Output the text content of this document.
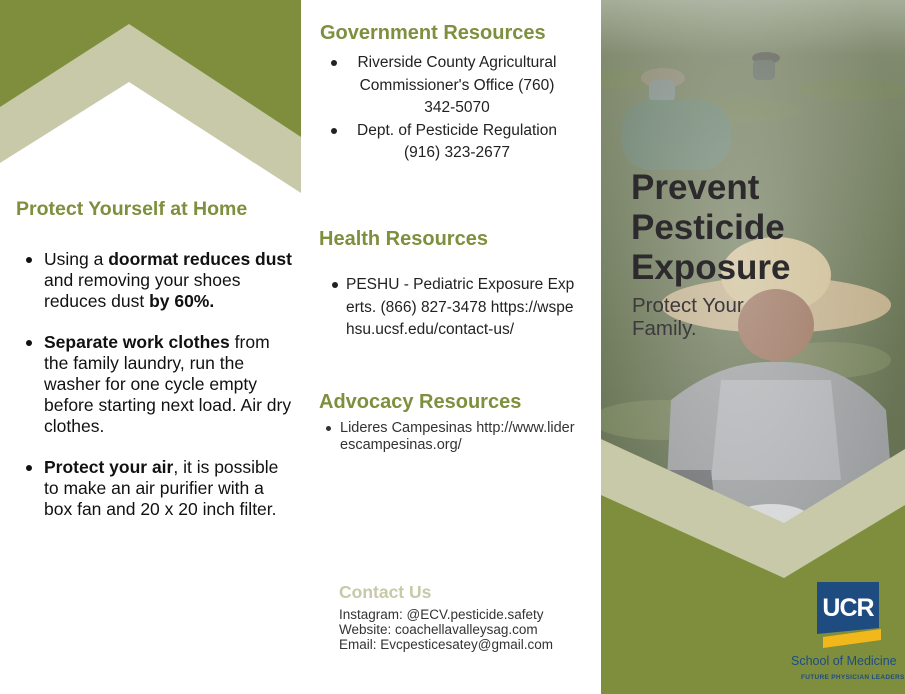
Protect Yourself at Home
Using a doormat reduces dust and removing your shoes reduces dust by 60%.
Separate work clothes from the family laundry, run the washer for one cycle empty before starting next load. Air dry clothes.
Protect your air, it is possible to make an air purifier with a box fan and 20 x 20 inch filter.
Government Resources
Riverside County Agricultural Commissioner's Office (760) 342-5070
Dept. of Pesticide Regulation (916) 323-2677
Health Resources
PESHU - Pediatric Exposure Experts. (866) 827-3478 https://wspehsu.ucsf.edu/contact-us/
Advocacy Resources
Lideres Campesinas http://www.liderescampesinas.org/
Contact Us
Instagram: @ECV.pesticide.safety
Website: coachellavalleysag.com
Email: Evcpesticesatey@gmail.com
Prevent
Pesticide
Exposure
Protect Your
Family.
UCR
School of Medicine
FUTURE PHYSICIAN LEADERS
